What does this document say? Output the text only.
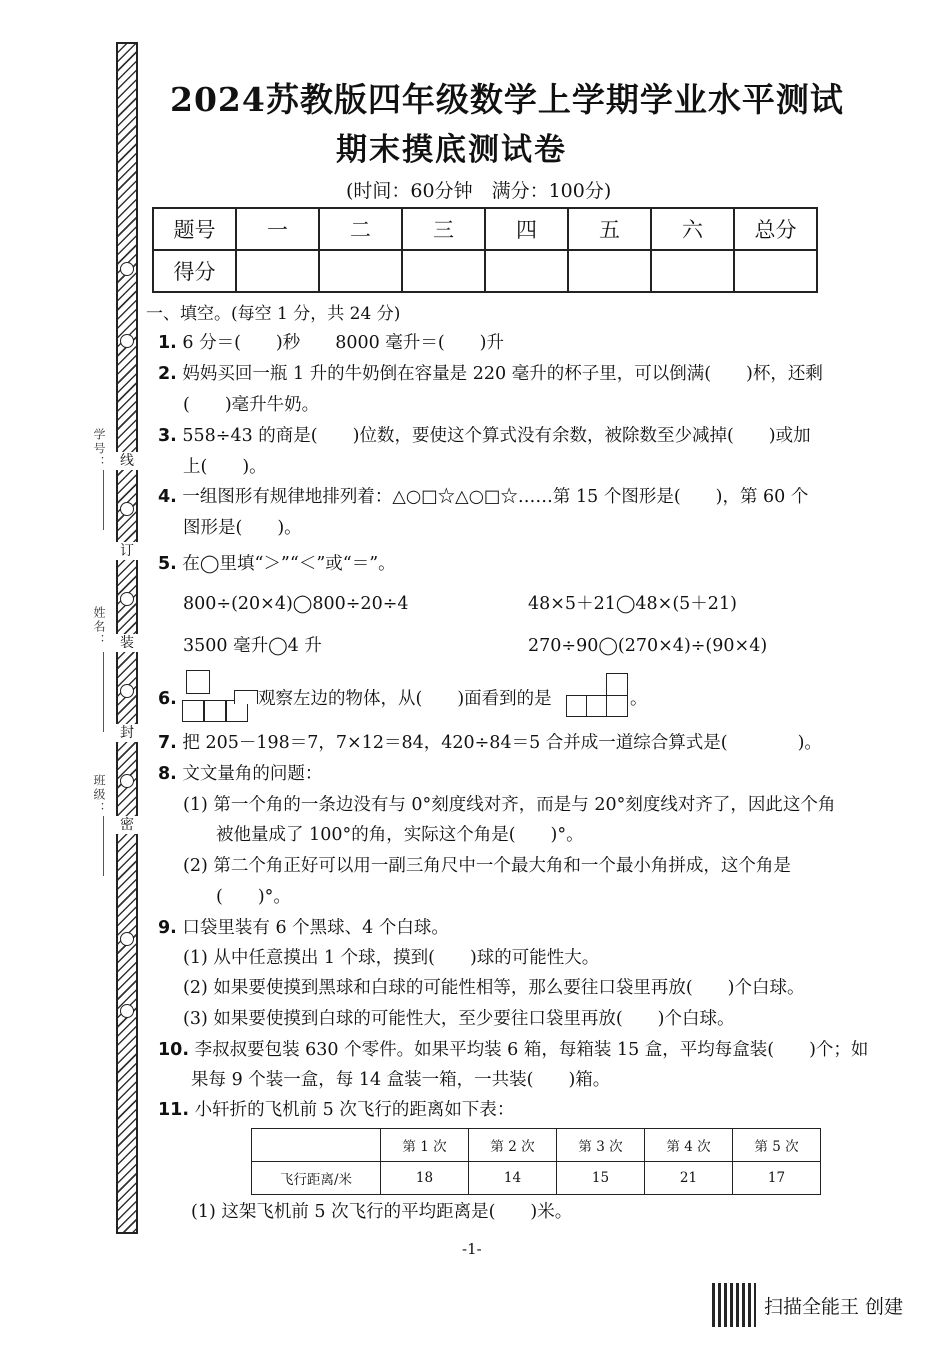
线
订
装
封
密
学号：
姓名：
班级：
2024苏教版四年级数学上学期学业水平测试
期末摸底测试卷
(时间：60分钟　满分：100分)
题号	一	二	三	四	五	六	总分
得分							
一、填空。(每空 1 分，共 24 分)
1. 6 分＝(　　)秒　　8000 毫升＝(　　)升
2. 妈妈买回一瓶 1 升的牛奶倒在容量是 220 毫升的杯子里，可以倒满(　　)杯，还剩
(　　)毫升牛奶。
3. 558÷43 的商是(　　)位数，要使这个算式没有余数，被除数至少减掉(　　)或加
上(　　)。
4. 一组图形有规律地排列着：△○□☆△○□☆……第 15 个图形是(　　)，第 60 个
图形是(　　)。
5. 在◯里填“＞”“＜”或“＝”。
800÷(20×4)◯800÷20÷4	48×5＋21◯48×(5＋21)
3500 毫升◯4 升	270÷90◯(270×4)÷(90×4)
6.	观察左边的物体，从(　　)面看到的是	。
7. 把 205－198＝7，7×12＝84，420÷84＝5 合并成一道综合算式是(　　　　)。
8. 文文量角的问题：
(1) 第一个角的一条边没有与 0°刻度线对齐，而是与 20°刻度线对齐了，因此这个角
被他量成了 100°的角，实际这个角是(　　)°。
(2) 第二个角正好可以用一副三角尺中一个最大角和一个最小角拼成，这个角是
(　　)°。
9. 口袋里装有 6 个黑球、4 个白球。
(1) 从中任意摸出 1 个球，摸到(　　)球的可能性大。
(2) 如果要使摸到黑球和白球的可能性相等，那么要往口袋里再放(　　)个白球。
(3) 如果要使摸到白球的可能性大，至少要往口袋里再放(　　)个白球。
10. 李叔叔要包装 630 个零件。如果平均装 6 箱，每箱装 15 盒，平均每盒装(　　)个；如
果每 9 个装一盒，每 14 盒装一箱，一共装(　　)箱。
11. 小轩折的飞机前 5 次飞行的距离如下表：
	第 1 次	第 2 次	第 3 次	第 4 次	第 5 次
飞行距离/米	18	14	15	21	17
(1) 这架飞机前 5 次飞行的平均距离是(　　)米。
-1-
扫描全能王 创建
